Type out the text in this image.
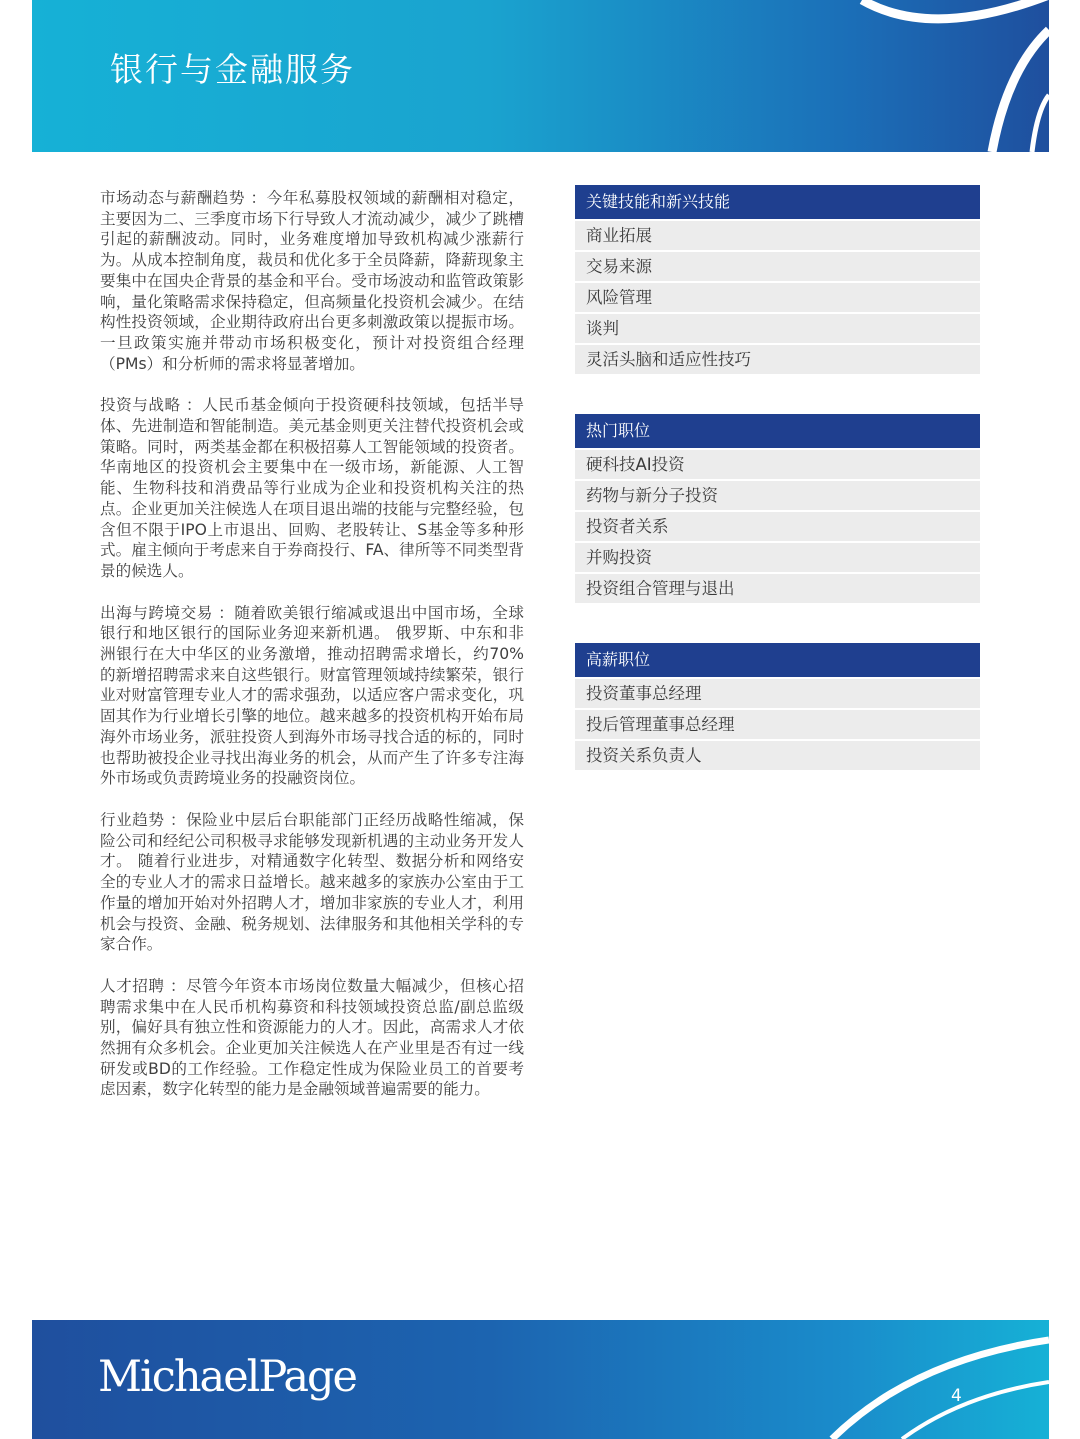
银行与金融服务

市场动态与薪酬趋势 ：今年私募股权领域的薪酬相对稳定，主要因为二、三季度市场下行导致人才流动减少，减少了跳槽引起的薪酬波动。同时，业务难度增加导致机构减少涨薪行为。从成本控制角度，裁员和优化多于全员降薪，降薪现象主要集中在国央企背景的基金和平台。受市场波动和监管政策影响，量化策略需求保持稳定，但高频量化投资机会减少。在结构性投资领域，企业期待政府出台更多刺激政策以提振市场。一旦政策实施并带动市场积极变化，预计对投资组合经理（PMs）和分析师的需求将显著增加。

投资与战略 ：人民币基金倾向于投资硬科技领域，包括半导体、先进制造和智能制造。美元基金则更关注替代投资机会或策略。同时，两类基金都在积极招募人工智能领域的投资者。华南地区的投资机会主要集中在一级市场，新能源、人工智能、生物科技和消费品等行业成为企业和投资机构关注的热点。企业更加关注候选人在项目退出端的技能与完整经验，包含但不限于IPO上市退出、回购、老股转让、S基金等多种形式。雇主倾向于考虑来自于券商投行、FA、律所等不同类型背景的候选人。

出海与跨境交易 ：随着欧美银行缩减或退出中国市场，全球银行和地区银行的国际业务迎来新机遇。 俄罗斯、中东和非洲银行在大中华区的业务激增，推动招聘需求增长，约70%的新增招聘需求来自这些银行。财富管理领域持续繁荣，银行业对财富管理专业人才的需求强劲，以适应客户需求变化，巩固其作为行业增长引擎的地位。越来越多的投资机构开始布局海外市场业务，派驻投资人到海外市场寻找合适的标的，同时也帮助被投企业寻找出海业务的机会，从而产生了许多专注海外市场或负责跨境业务的投融资岗位。

行业趋势 ：保险业中层后台职能部门正经历战略性缩减，保险公司和经纪公司积极寻求能够发现新机遇的主动业务开发人才。 随着行业进步，对精通数字化转型、数据分析和网络安全的专业人才的需求日益增长。越来越多的家族办公室由于工作量的增加开始对外招聘人才，增加非家族的专业人才，利用机会与投资、金融、税务规划、法律服务和其他相关学科的专家合作。

人才招聘 ：尽管今年资本市场岗位数量大幅减少，但核心招聘需求集中在人民币机构募资和科技领域投资总监/副总监级别，偏好具有独立性和资源能力的人才。因此，高需求人才依然拥有众多机会。企业更加关注候选人在产业里是否有过一线研发或BD的工作经验。工作稳定性成为保险业员工的首要考虑因素，数字化转型的能力是金融领域普遍需要的能力。

关键技能和新兴技能
商业拓展
交易来源
风险管理
谈判
灵活头脑和适应性技巧
热门职位
硬科技AI投资
药物与新分子投资
投资者关系
并购投资
投资组合管理与退出
高薪职位
投资董事总经理
投后管理董事总经理
投资关系负责人
MichaelPage	4
